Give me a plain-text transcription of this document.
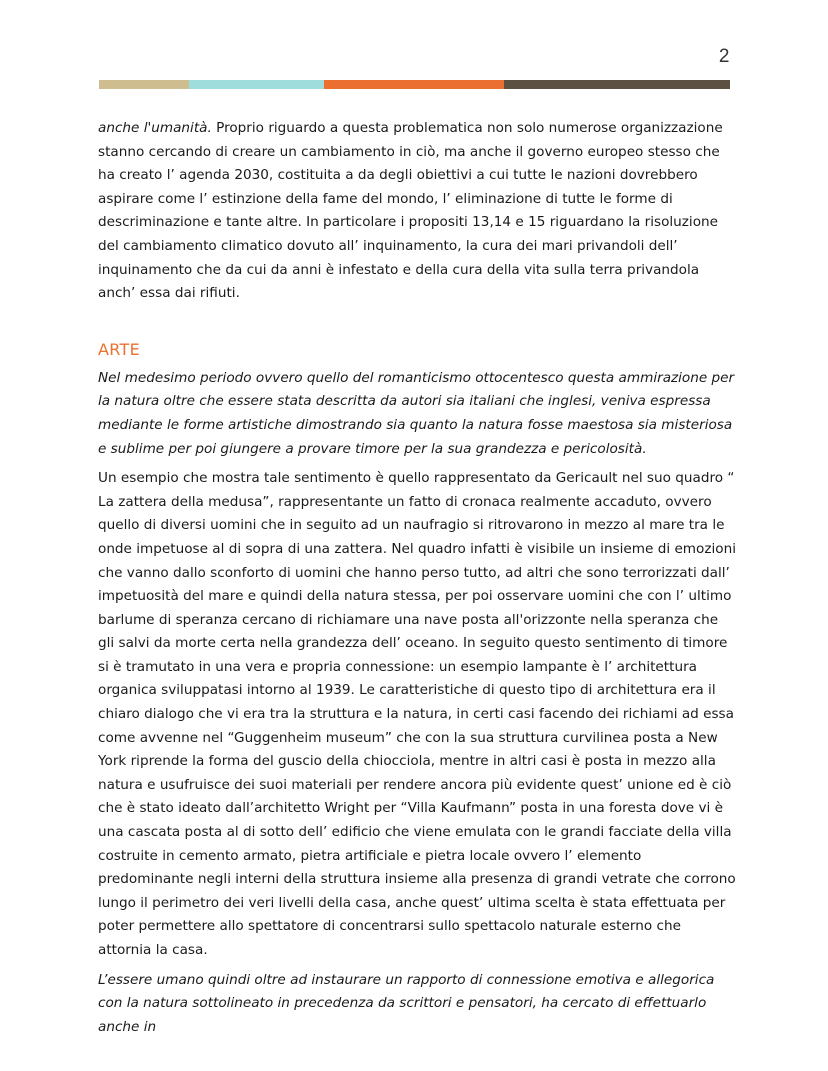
2

anche l'umanità. Proprio riguardo a questa problematica non solo numerose organizzazione stanno cercando di creare un cambiamento in ciò, ma anche il governo europeo stesso che ha creato l’ agenda 2030, costituita a da degli obiettivi a cui tutte le nazioni dovrebbero aspirare come l’ estinzione della fame del mondo, l’ eliminazione di tutte le forme di descriminazione e tante altre. In particolare i propositi 13,14 e 15 riguardano la risoluzione del cambiamento climatico dovuto all’ inquinamento, la cura dei mari privandoli dell’ inquinamento che da cui da anni è infestato e della cura della vita sulla terra privandola anch’ essa dai rifiuti.

ARTE

Nel medesimo periodo ovvero quello del romanticismo ottocentesco questa ammirazione per la natura oltre che essere stata descritta da autori sia italiani che inglesi, veniva espressa mediante le forme artistiche dimostrando sia quanto la natura fosse maestosa sia misteriosa e sublime per poi giungere a provare timore per la sua grandezza e pericolosità.

Un esempio che mostra tale sentimento è quello rappresentato da Gericault nel suo quadro “ La zattera della medusa”, rappresentante un fatto di cronaca realmente accaduto, ovvero quello di diversi uomini che in seguito ad un naufragio si ritrovarono in mezzo al mare tra le onde impetuose al di sopra di una zattera. Nel quadro infatti è visibile un insieme di emozioni che vanno dallo sconforto di uomini che hanno perso tutto, ad altri che sono terrorizzati dall’ impetuosità del mare e quindi della natura stessa, per poi osservare uomini che con l’ ultimo barlume di speranza cercano di richiamare una nave posta all'orizzonte nella speranza che gli salvi da morte certa nella grandezza dell’ oceano. In seguito questo sentimento di timore si è tramutato in una vera e propria connessione: un esempio lampante è l’ architettura organica sviluppatasi intorno al 1939. Le caratteristiche di questo tipo di architettura era il chiaro dialogo che vi era tra la struttura e la natura, in certi casi facendo dei richiami ad essa come avvenne nel “Guggenheim museum” che con la sua struttura curvilinea posta a New York riprende la forma del guscio della chiocciola, mentre in altri casi è posta in mezzo alla natura e usufruisce dei suoi materiali per rendere ancora più evidente quest’ unione ed è ciò che è stato ideato dall’architetto Wright per “Villa Kaufmann” posta in una foresta dove vi è una cascata posta al di sotto dell’ edificio che viene emulata con le grandi facciate della villa costruite in cemento armato, pietra artificiale e pietra locale ovvero l’ elemento predominante negli interni della struttura insieme alla presenza di grandi vetrate che corrono lungo il perimetro dei veri livelli della casa, anche quest’ ultima scelta è stata effettuata per poter permettere allo spettatore di concentrarsi sullo spettacolo naturale esterno che attornia la casa.

L’essere umano quindi oltre ad instaurare un rapporto di connessione emotiva e allegorica con la natura sottolineato in precedenza da scrittori e pensatori, ha cercato di effettuarlo anche in
